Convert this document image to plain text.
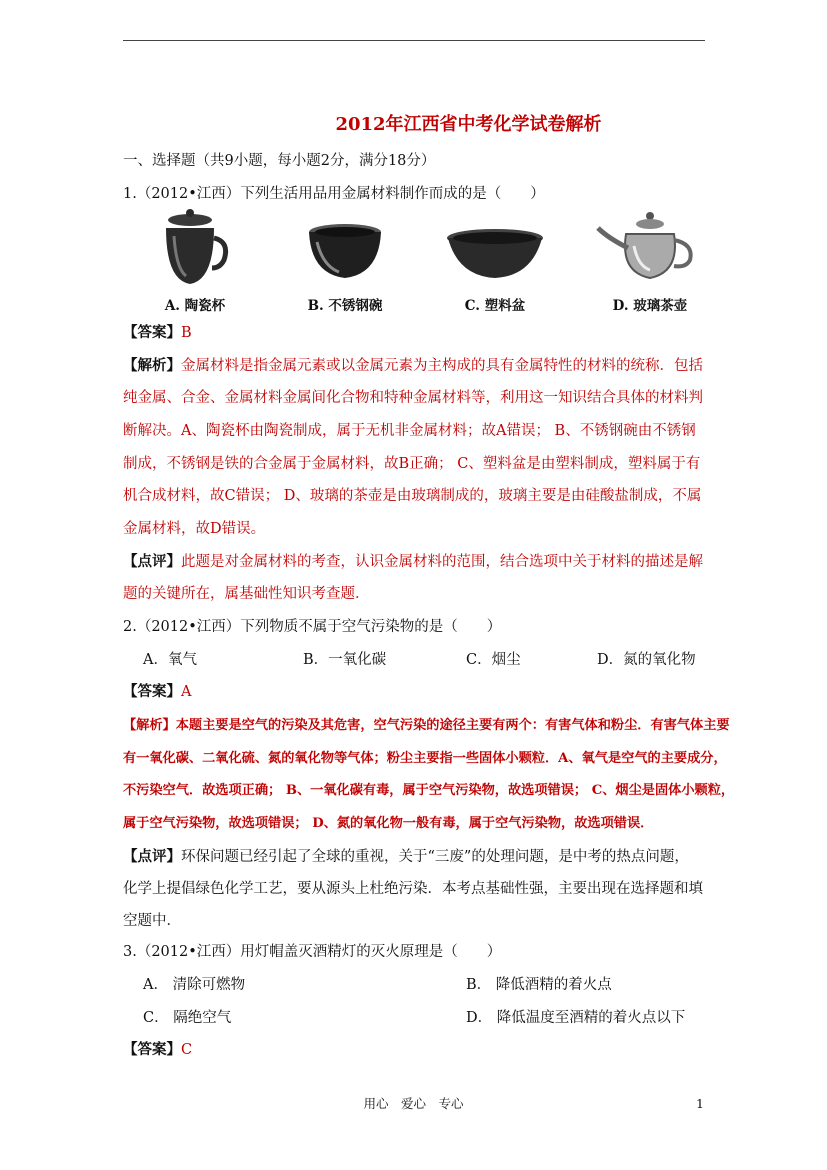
2012年江西省中考化学试卷解析
一、选择题（共9小题，每小题2分，满分18分）
1.（2012•江西）下列生活用品用金属材料制作而成的是（　　）
A. 陶瓷杯	B. 不锈钢碗	C. 塑料盆	D. 玻璃茶壶
【答案】B
【解析】金属材料是指金属元素或以金属元素为主构成的具有金属特性的材料的统称．包括
纯金属、合金、金属材料金属间化合物和特种金属材料等，利用这一知识结合具体的材料判
断解决。A、陶瓷杯由陶瓷制成，属于无机非金属材料；故A错误； B、不锈钢碗由不锈钢
制成，不锈钢是铁的合金属于金属材料，故B正确； C、塑料盆是由塑料制成，塑料属于有
机合成材料，故C错误； D、玻璃的茶壶是由玻璃制成的，玻璃主要是由硅酸盐制成，不属
金属材料，故D错误。
【点评】此题是对金属材料的考查，认识金属材料的范围，结合选项中关于材料的描述是解
题的关键所在，属基础性知识考查题．
2.（2012•江西）下列物质不属于空气污染物的是（　　）
A．氧气	B．一氧化碳	C．烟尘	D．氮的氧化物
【答案】A
【解析】本题主要是空气的污染及其危害，空气污染的途径主要有两个：有害气体和粉尘．有害气体主要
有一氧化碳、二氧化硫、氮的氧化物等气体；粉尘主要指一些固体小颗粒．A、氧气是空气的主要成分，
不污染空气．故选项正确； B、一氧化碳有毒，属于空气污染物，故选项错误； C、烟尘是固体小颗粒，
属于空气污染物，故选项错误； D、氮的氧化物一般有毒，属于空气污染物，故选项错误．
【点评】环保问题已经引起了全球的重视，关于“三废”的处理问题，是中考的热点问题，
化学上提倡绿色化学工艺，要从源头上杜绝污染．本考点基础性强，主要出现在选择题和填
空题中．
3.（2012•江西）用灯帽盖灭酒精灯的灭火原理是（　　）
A． 清除可燃物	B． 降低酒精的着火点
C． 隔绝空气	D． 降低温度至酒精的着火点以下
【答案】C
用心　爱心　专心	1
